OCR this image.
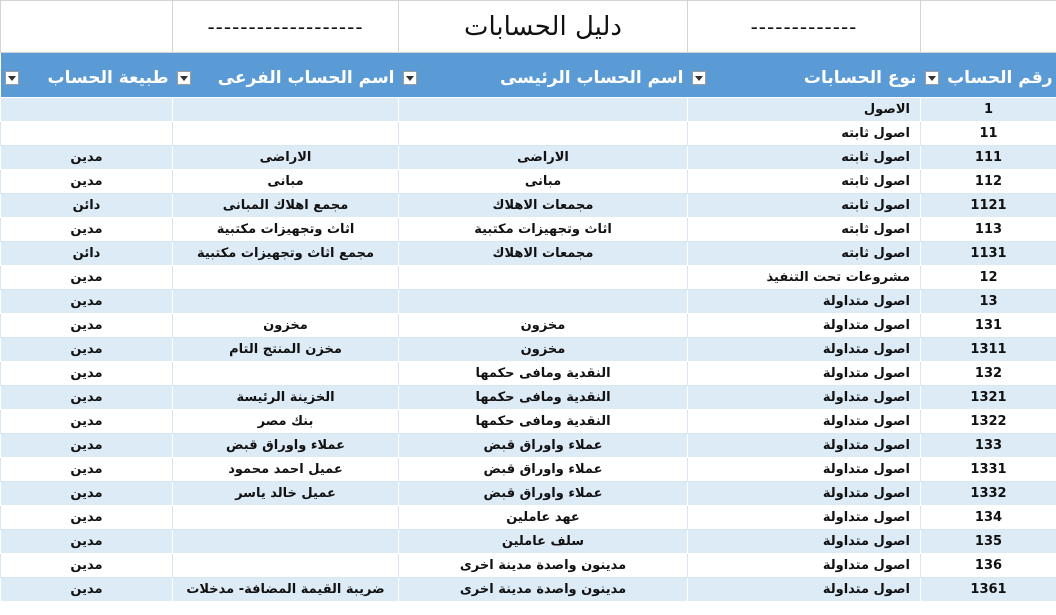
	-------------------	دليل الحسابات	-------------	

طبيعة الحساب	اسم الحساب الفرعى	اسم الحساب الرئيسى	نوع الحسابات	رقم الحساب

			الاصول	1
			اصول ثابته	11
مدين	الاراضى	الاراضى	اصول ثابته	111
مدين	مبانى	مبانى	اصول ثابته	112
دائن	مجمع اهلاك المبانى	مجمعات الاهلاك	اصول ثابته	1121
مدين	اثاث وتجهيزات مكتبية	اثاث وتجهيزات مكتبية	اصول ثابته	113
دائن	مجمع اثاث وتجهيزات مكتبية	مجمعات الاهلاك	اصول ثابته	1131
مدين			مشروعات تحت التنفيذ	12
مدين			اصول متداولة	13
مدين	مخزون	مخزون	اصول متداولة	131
مدين	مخزن المنتج التام	مخزون	اصول متداولة	1311
مدين		النقدية ومافى حكمها	اصول متداولة	132
مدين	الخزينة الرئيسة	النقدية ومافى حكمها	اصول متداولة	1321
مدين	بنك مصر	النقدية ومافى حكمها	اصول متداولة	1322
مدين	عملاء واوراق قبض	عملاء واوراق قبض	اصول متداولة	133
مدين	عميل احمد محمود	عملاء واوراق قبض	اصول متداولة	1331
مدين	عميل خالد ياسر	عملاء واوراق قبض	اصول متداولة	1332
مدين		عهد عاملين	اصول متداولة	134
مدين		سلف عاملين	اصول متداولة	135
مدين		مدينون واصدة مدينة اخرى	اصول متداولة	136
مدين	ضريبة القيمة المضافة- مدخلات	مدينون واصدة مدينة اخرى	اصول متداولة	1361
